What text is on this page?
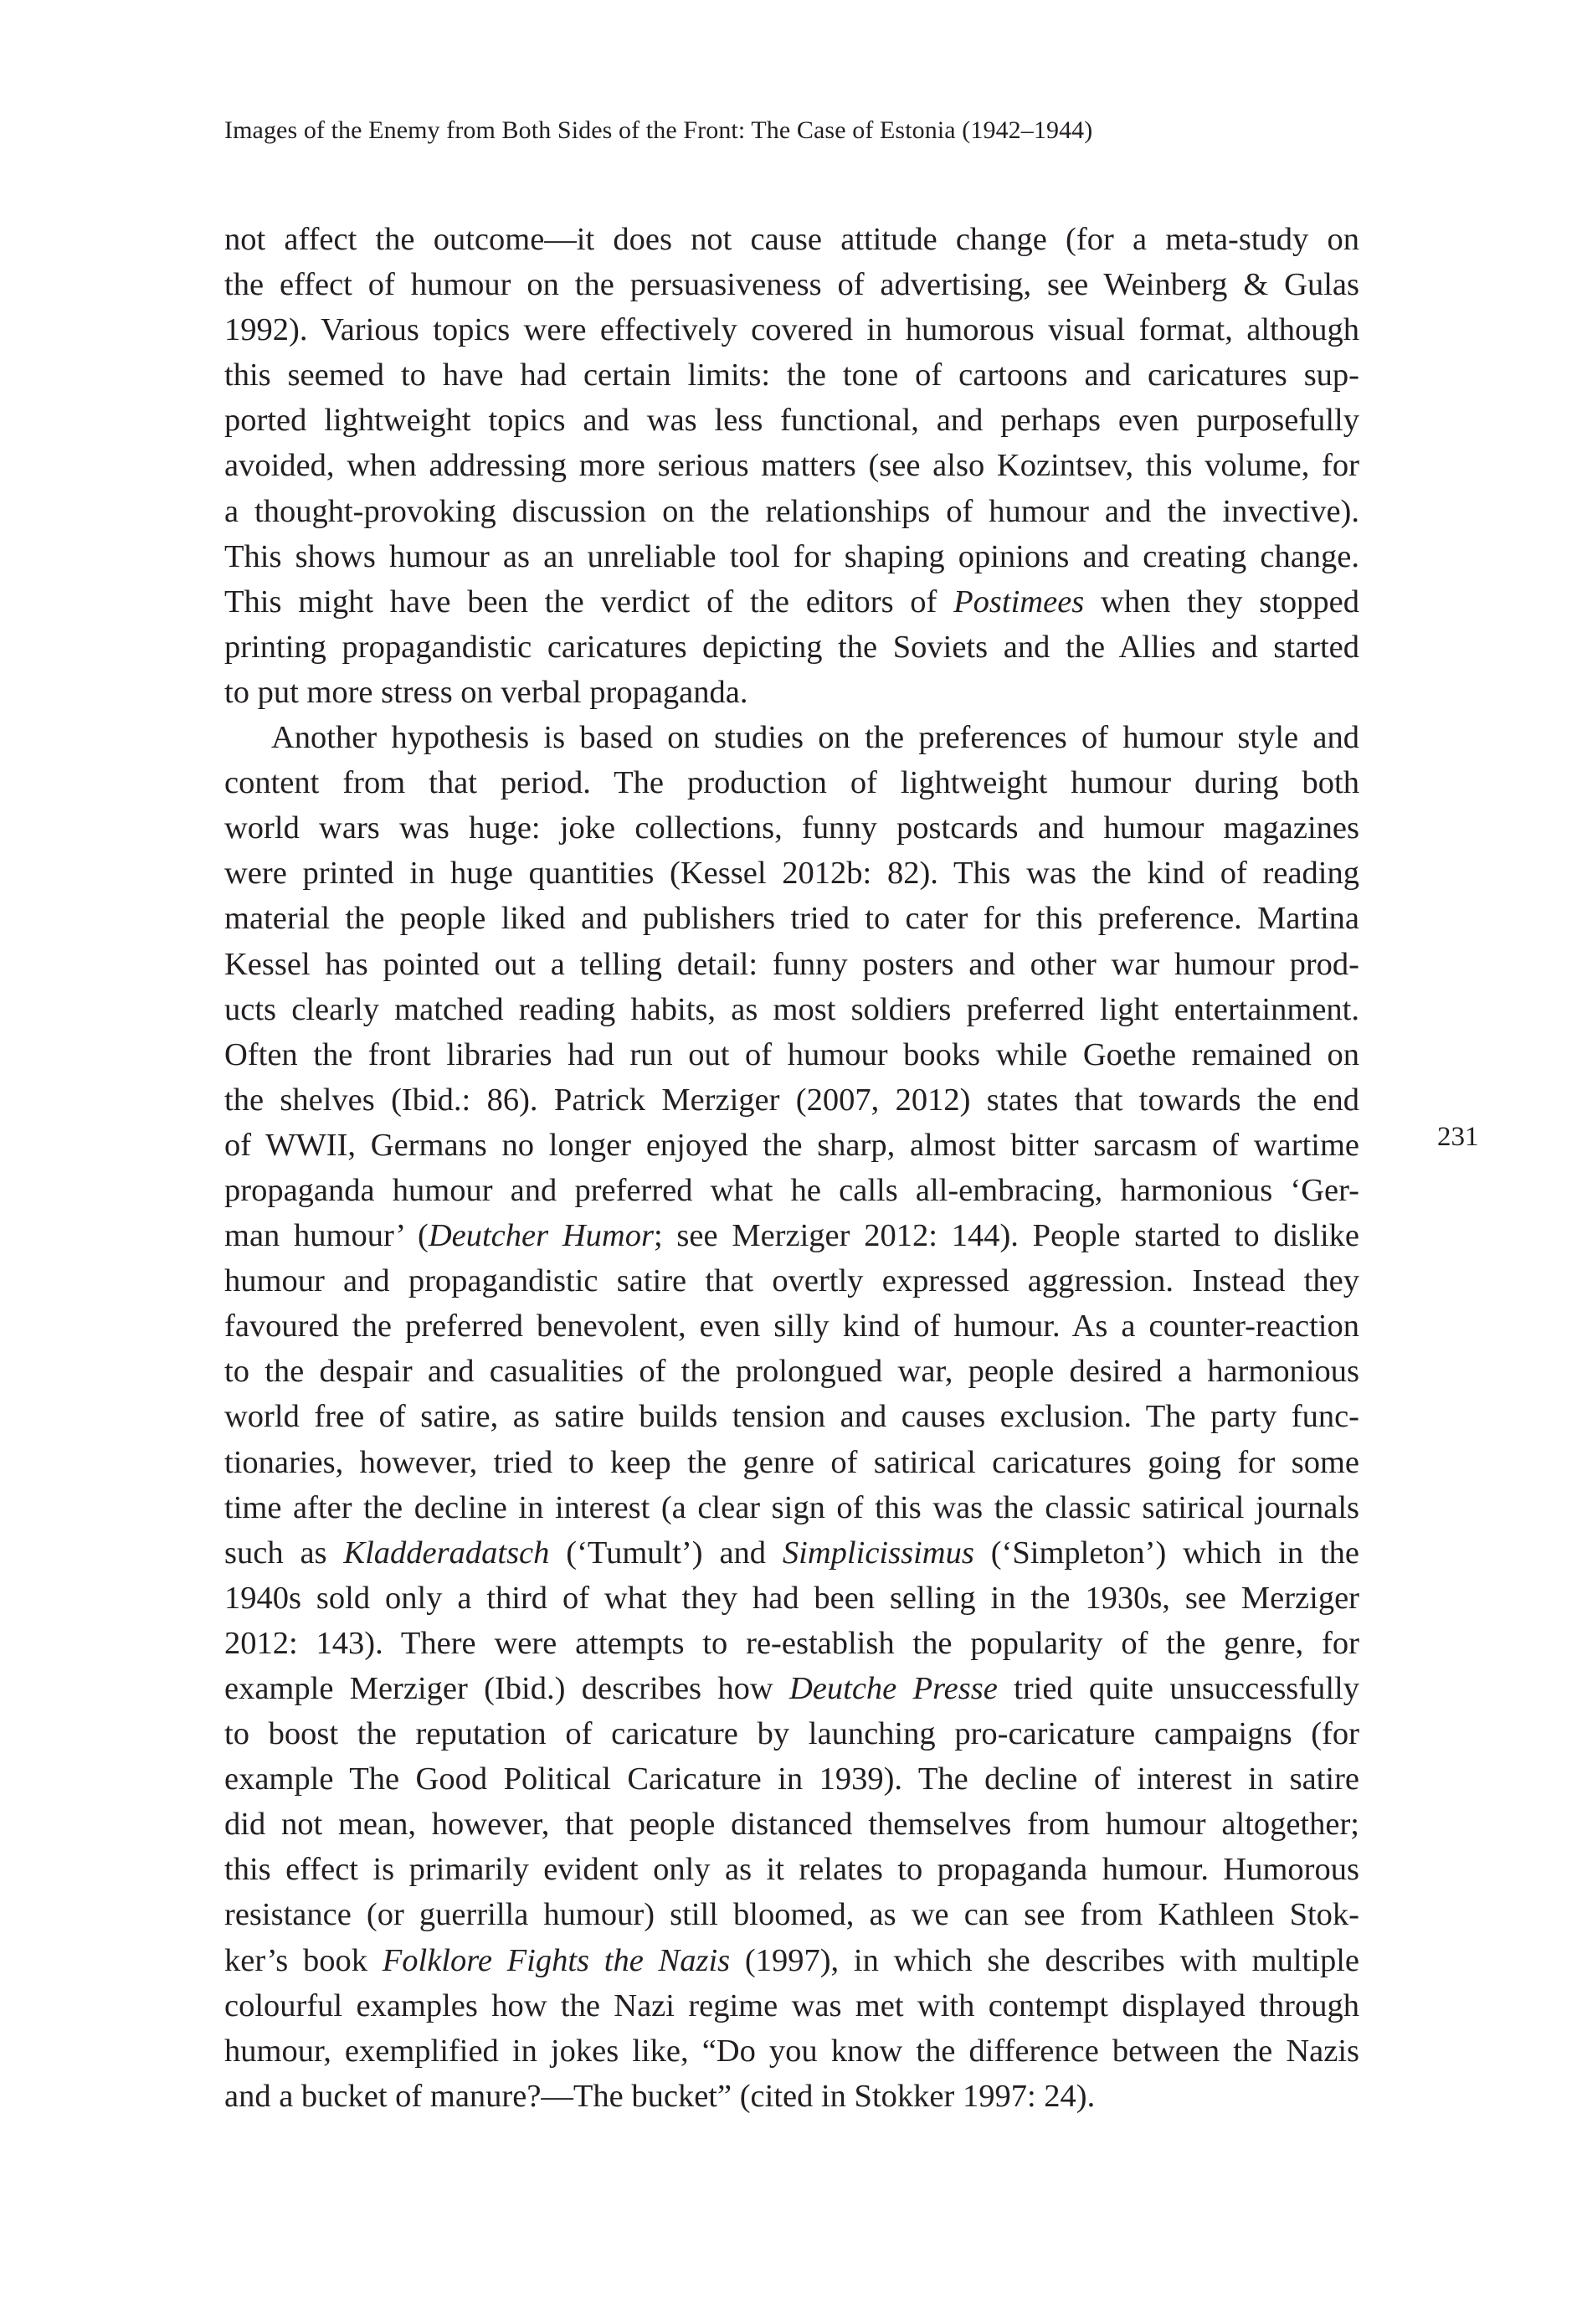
Images of the Enemy from Both Sides of the Front: The Case of Estonia (1942–1944)
not affect the outcome—it does not cause attitude change (for a meta-study on
the effect of humour on the persuasiveness of advertising, see Weinberg & Gulas
1992). Various topics were effectively covered in humorous visual format, although
this seemed to have had certain limits: the tone of cartoons and caricatures sup-
ported lightweight topics and was less functional, and perhaps even purposefully
avoided, when addressing more serious matters (see also Kozintsev, this volume, for
a thought-provoking discussion on the relationships of humour and the invective).
This shows humour as an unreliable tool for shaping opinions and creating change.
This might have been the verdict of the editors of Postimees when they stopped
printing propagandistic caricatures depicting the Soviets and the Allies and started
to put more stress on verbal propaganda.
Another hypothesis is based on studies on the preferences of humour style and
content from that period. The production of lightweight humour during both
world wars was huge: joke collections, funny postcards and humour magazines
were printed in huge quantities (Kessel 2012b: 82). This was the kind of reading
material the people liked and publishers tried to cater for this preference. Martina
Kessel has pointed out a telling detail: funny posters and other war humour prod-
ucts clearly matched reading habits, as most soldiers preferred light entertainment.
Often the front libraries had run out of humour books while Goethe remained on
the shelves (Ibid.: 86). Patrick Merziger (2007, 2012) states that towards the end
of WWII, Germans no longer enjoyed the sharp, almost bitter sarcasm of wartime
propaganda humour and preferred what he calls all-embracing, harmonious ‘Ger-
man humour’ (Deutcher Humor; see Merziger 2012: 144). People started to dislike
humour and propagandistic satire that overtly expressed aggression. Instead they
favoured the preferred benevolent, even silly kind of humour. As a counter-reaction
to the despair and casualities of the prolongued war, people desired a harmonious
world free of satire, as satire builds tension and causes exclusion. The party func-
tionaries, however, tried to keep the genre of satirical caricatures going for some
time after the decline in interest (a clear sign of this was the classic satirical journals
such as Kladderadatsch (‘Tumult’) and Simplicissimus (‘Simpleton’) which in the
1940s sold only a third of what they had been selling in the 1930s, see Merziger
2012: 143). There were attempts to re-establish the popularity of the genre, for
example Merziger (Ibid.) describes how Deutche Presse tried quite unsuccessfully
to boost the reputation of caricature by launching pro-caricature campaigns (for
example The Good Political Caricature in 1939). The decline of interest in satire
did not mean, however, that people distanced themselves from humour altogether;
this effect is primarily evident only as it relates to propaganda humour. Humorous
resistance (or guerrilla humour) still bloomed, as we can see from Kathleen Stok-
ker’s book Folklore Fights the Nazis (1997), in which she describes with multiple
colourful examples how the Nazi regime was met with contempt displayed through
humour, exemplified in jokes like, “Do you know the difference between the Nazis
and a bucket of manure?—The bucket” (cited in Stokker 1997: 24).
231
